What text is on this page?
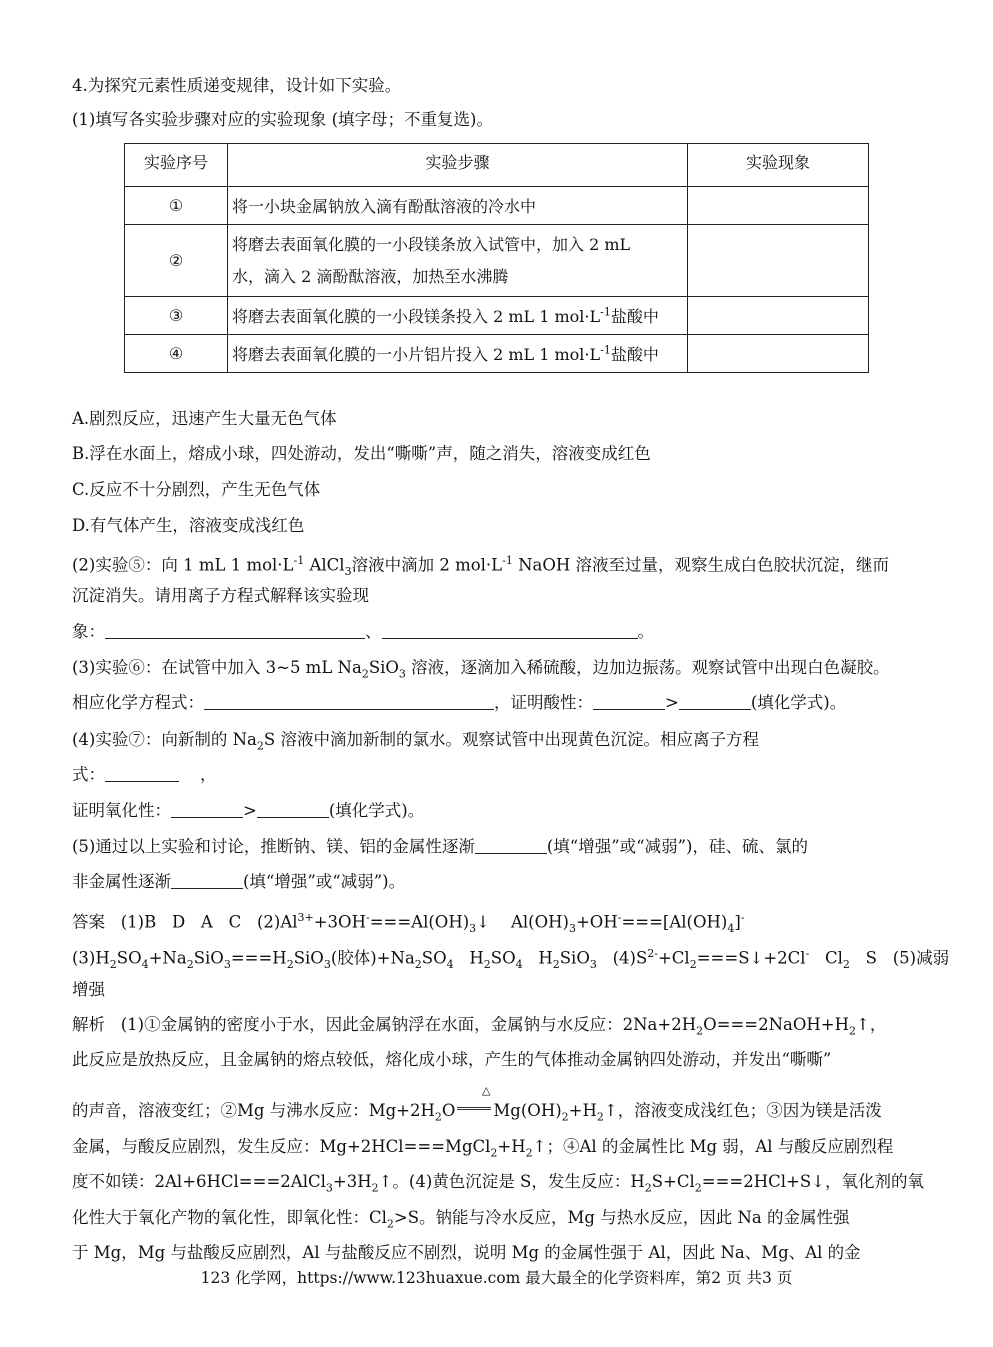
4.为探究元素性质递变规律，设计如下实验。
(1)填写各实验步骤对应的实验现象 (填字母；不重复选)。
实验序号	实验步骤	实验现象
①	将一小块金属钠放入滴有酚酞溶液的冷水中	
②	将磨去表面氧化膜的一小段镁条放入试管中，加入 2 mL
水，滴入 2 滴酚酞溶液，加热至水沸腾	
③	将磨去表面氧化膜的一小段镁条投入 2 mL 1 $mol\cdot L^{-1}$盐酸中	
④	将磨去表面氧化膜的一小片铝片投入 2 mL 1 $mol\cdot L^{-1}$盐酸中	
A.剧烈反应，迅速产生大量无色气体
B.浮在水面上，熔成小球，四处游动，发出“嘶嘶”声，随之消失，溶液变成红色
C.反应不十分剧烈，产生无色气体
D.有气体产生，溶液变成浅红色
(2)实验⑤：向 1 mL 1 $mol\cdot L^{-1}$ AlCl$_3$溶液中滴加 2 $mol\cdot L^{-1}$ NaOH 溶液至过量，观察生成白色胶状沉淀，继而
沉淀消失。请用离子方程式解释该实验现
象：	、	。
(3)实验⑥：在试管中加入 3~5 mL $Na_2SiO_3$ 溶液，逐滴加入稀硫酸，边加边振荡。观察试管中出现白色凝胶。
相应化学方程式：	，证明酸性：	>	(填化学式)。
(4)实验⑦：向新制的 $Na_2S$ 溶液中滴加新制的氯水。观察试管中出现黄色沉淀。相应离子方程
式：	，
证明氧化性：	>	(填化学式)。
(5)通过以上实验和讨论，推断钠、镁、铝的金属性逐渐	(填“增强”或“减弱”)，硅、硫、氯的
非金属性逐渐	(填“增强”或“减弱”)。
答案   (1)B   D   A   C   $(2)Al^{3+}+3OH^-===Al(OH)_3↓$    $Al(OH)_3+OH^-===[Al(OH)_4]^-$
$(3)H_2SO_4+Na_2SiO_3===H_2SiO_3$(胶体)$+Na_2SO_4$   $H_2SO_4$   $H_2SiO_3$   $(4)S^{2-}+Cl_2===S↓+2Cl^-$   $Cl_2$   S   (5)减弱
增强
解析   (1)①金属钠的密度小于水，因此金属钠浮在水面，金属钠与水反应：$2Na+2H_2O===2NaOH+H_2↑$，
此反应是放热反应，且金属钠的熔点较低，熔化成小球，产生的气体推动金属钠四处游动，并发出“嘶嘶”
△
的声音，溶液变红；②Mg 与沸水反应：$Mg+2H_2O$ $Mg(OH)_2+H_2↑$，溶液变成浅红色；③因为镁是活泼
金属，与酸反应剧烈，发生反应：$Mg+2HCl===MgCl_2+H_2↑$；④Al 的金属性比 Mg 弱，Al 与酸反应剧烈程
度不如镁：$2Al+6HCl===2AlCl_3+3H_2↑$。(4)黄色沉淀是 S，发生反应：$H_2S+Cl_2===2HCl+S↓$，氧化剂的氧
化性大于氧化产物的氧化性，即氧化性：$Cl_2>S$。钠能与冷水反应，Mg 与热水反应，因此 Na 的金属性强
于 Mg，Mg 与盐酸反应剧烈，Al 与盐酸反应不剧烈，说明 Mg 的金属性强于 Al，因此 Na、Mg、Al 的金
123 化学网，https://www.123huaxue.com 最大最全的化学资料库，第2 页 共3 页
